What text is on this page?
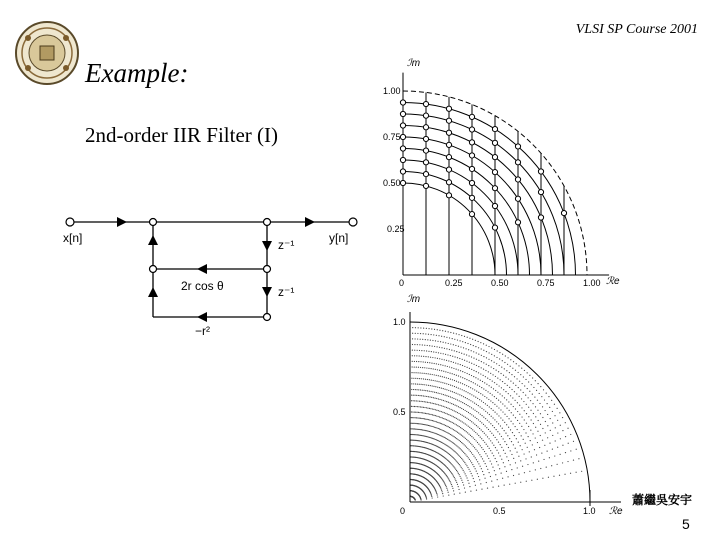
VLSI SP Course 2001
Example:
2nd-order IIR Filter (I)
x[n]	y[n]
z⁻¹
z⁻¹
2r cos θ
−r²
ℐm
ℛe
1.00
0.75
0.50
0.25
0	0.25	0.50	0.75	1.00
ℐm
ℛe
1.0
0.5
0	0.5	1.0
蕭繼吳安宇
5
